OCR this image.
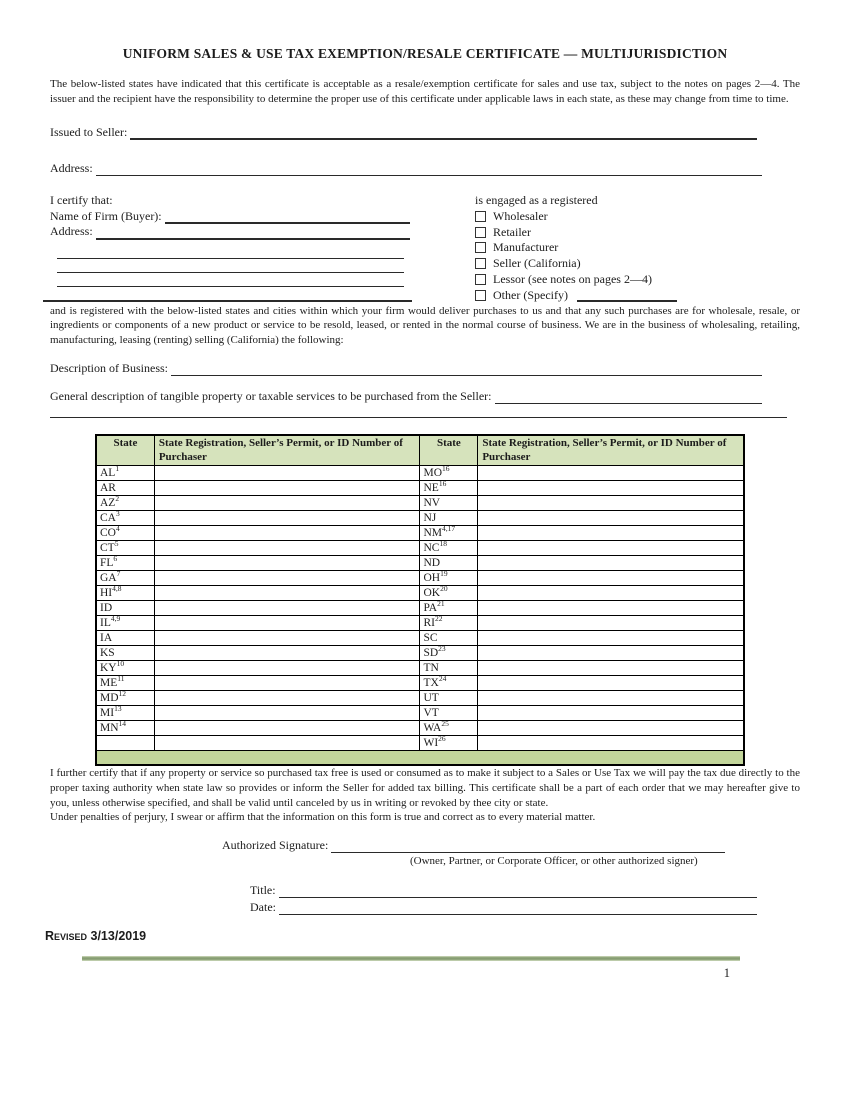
UNIFORM SALES & USE TAX EXEMPTION/RESALE CERTIFICATE — MULTIJURISDICTION

The below-listed states have indicated that this certificate is acceptable as a resale/exemption certificate for sales and use tax, subject to the notes on pages 2—4. The issuer and the recipient have the responsibility to determine the proper use of this certificate under applicable laws in each state, as these may change from time to time.

Issued to Seller:
Address:
I certify that:
Name of Firm (Buyer):
Address:
is engaged as a registered
Wholesaler
Retailer
Manufacturer
Seller (California)
Lessor (see notes on pages 2—4)
Other (Specify)

and is registered with the below-listed states and cities within which your firm would deliver purchases to us and that any such purchases are for wholesale, resale, or ingredients or components of a new product or service to be resold, leased, or rented in the normal course of business. We are in the business of wholesaling, retailing, manufacturing, leasing (renting) selling (California) the following:

Description of Business:
General description of tangible property or taxable services to be purchased from the Seller:
State	State Registration, Seller’s Permit, or ID Number of Purchaser	State	State Registration, Seller’s Permit, or ID Number of Purchaser
$AL^1$		MO$^{16}$	
AR		NE$^{16}$	
$AZ^2$		NV	
$CA^3$		NJ	
$CO^4$		NM$^{4,17}$	
$CT^5$		NC$^{18}$	
$FL^6$		ND	
$GA^7$		OH$^{19}$	
HI$^{4,8}$		OK$^{20}$	
ID		PA$^{21}$	
IL$^{4,9}$		RI$^{22}$	
IA		SC	
KS		SD$^{23}$	
KY$^{10}$		TN	
ME$^{11}$		TX$^{24}$	
MD$^{12}$		UT	
MI$^{13}$		VT	
MN$^{14}$		WA$^{25}$	
		WI$^{26}$	

I further certify that if any property or service so purchased tax free is used or consumed as to make it subject to a Sales or Use Tax we will pay the tax due directly to the proper taxing authority when state law so provides or inform the Seller for added tax billing. This certificate shall be a part of each order that we may hereafter give to you, unless otherwise specified, and shall be valid until canceled by us in writing or revoked by thee city or state.

Under penalties of perjury, I swear or affirm that the information on this form is true and correct as to every material matter.

Authorized Signature:
(Owner, Partner, or Corporate Officer, or other authorized signer)
Title:
Date:
Revised 3/13/2019
1
